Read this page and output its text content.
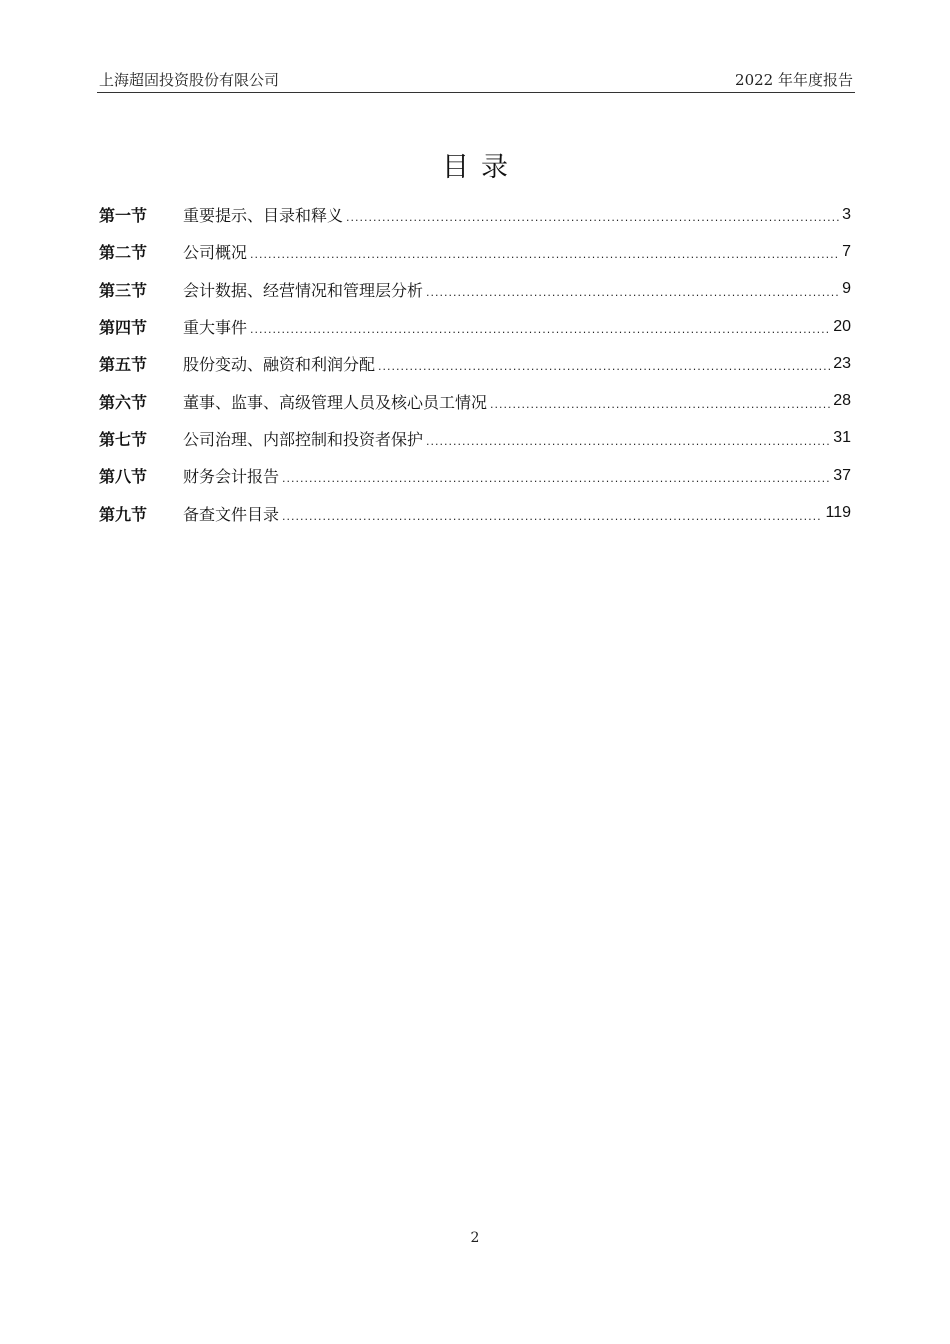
上海超固投资股份有限公司	2022 年年度报告
目录
第一节	重要提示、目录和释义 .....	3
第二节	公司概况 .....	7
第三节	会计数据、经营情况和管理层分析 .....	9
第四节	重大事件 .....	20
第五节	股份变动、融资和利润分配 .....	23
第六节	董事、监事、高级管理人员及核心员工情况 .....	28
第七节	公司治理、内部控制和投资者保护 .....	31
第八节	财务会计报告 .....	37
第九节	备查文件目录 .....	119
2
